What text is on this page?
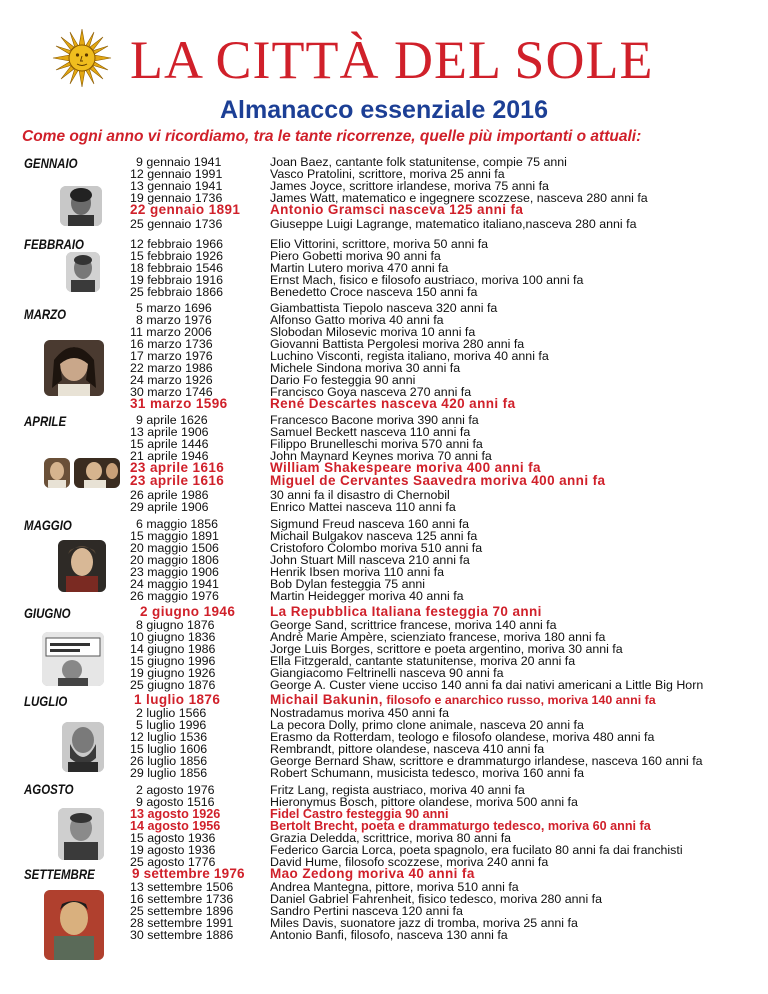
LA CITTÀ DEL SOLE
Almanacco essenziale 2016
Come ogni anno vi ricordiamo, tra le tante ricorrenze, quelle più importanti o attuali:
GENNAIO
FEBBRAIO
MARZO
APRILE
MAGGIO
GIUGNO
LUGLIO
AGOSTO
SETTEMBRE
9 gennaio 1941	Joan Baez, cantante folk statunitense, compie 75 anni
12 gennaio 1991	Vasco Pratolini, scrittore, moriva 25 anni fa
13 gennaio 1941	James Joyce, scrittore irlandese, moriva 75 anni fa
19 gennaio 1736	James Watt, matematico e ingegnere scozzese, nasceva 280 anni fa
22 gennaio 1891 Antonio Gramsci nasceva 125 anni fa
25 gennaio 1736	Giuseppe Luigi Lagrange, matematico italiano,nasceva 280 anni fa
12 febbraio 1966	Elio Vittorini, scrittore, moriva 50 anni fa
15 febbraio 1926	Piero Gobetti moriva 90 anni fa
18 febbraio 1546	Martin Lutero moriva 470 anni fa
19 febbraio 1916	Ernst Mach, fisico e filosofo austriaco, moriva 100 anni fa
25 febbraio 1866	Benedetto Croce nasceva 150 anni fa
5 marzo 1696	Giambattista Tiepolo nasceva 320 anni fa
8 marzo 1976	Alfonso Gatto moriva 40 anni fa
11 marzo 2006	Slobodan Milosevic moriva 10 anni fa
16 marzo 1736	Giovanni Battista Pergolesi moriva 280 anni fa
17 marzo 1976	Luchino Visconti, regista italiano, moriva 40 anni fa
22 marzo 1986	Michele Sindona moriva 30 anni fa
24 marzo 1926	Dario Fo festeggia 90 anni
30 marzo 1746	Francisco Goya nasceva 270 anni fa
31 marzo 1596	René Descartes nasceva 420 anni fa
9 aprile 1626	Francesco Bacone moriva 390 anni fa
13 aprile 1906	Samuel Beckett nasceva 110 anni fa
15 aprile 1446	Filippo Brunelleschi moriva 570 anni fa
21 aprile 1946	John Maynard Keynes moriva 70 anni fa
23 aprile 1616	William Shakespeare moriva 400 anni fa
23 aprile 1616	Miguel de Cervantes Saavedra moriva 400 anni fa
26 aprile 1986	30 anni fa il disastro di Chernobil
29 aprile 1906	Enrico Mattei nasceva 110 anni fa
6 maggio 1856	Sigmund Freud nasceva 160 anni fa
15 maggio 1891	Michail Bulgakov nasceva 125 anni fa
20 maggio 1506	Cristoforo Colombo moriva 510 anni fa
20 maggio 1806	John Stuart Mill nasceva 210 anni fa
23 maggio 1906	Henrik Ibsen moriva 110 anni fa
24 maggio 1941	Bob Dylan festeggia 75 anni
26 maggio 1976	Martin Heidegger moriva 40 anni fa
2 giugno 1946	La Repubblica Italiana festeggia 70 anni
8 giugno 1876	George Sand, scrittrice francese, moriva 140 anni fa
10 giugno 1836	Andrè Marie Ampère, scienziato francese, moriva 180 anni fa
14 giugno 1986	Jorge Luis Borges, scrittore e poeta argentino, moriva 30 anni fa
15 giugno 1996	Ella Fitzgerald, cantante statunitense, moriva 20 anni fa
19 giugno 1926	Giangiacomo Feltrinelli nasceva 90 anni fa
25 giugno 1876	George A. Custer viene ucciso 140 anni fa dai nativi americani a Little Big Horn
1 luglio 1876	Michail Bakunin, filosofo e anarchico russo, moriva 140 anni fa
2 luglio 1566	Nostradamus moriva 450 anni fa
5 luglio 1996	La pecora Dolly, primo clone animale, nasceva 20 anni fa
12 luglio 1536	Erasmo da Rotterdam, teologo e filosofo olandese, moriva 480 anni fa
15 luglio 1606	Rembrandt, pittore olandese, nasceva 410 anni fa
26 luglio 1856	George Bernard Shaw, scrittore e drammaturgo irlandese, nasceva 160 anni fa
29 luglio 1856	Robert Schumann, musicista tedesco, moriva 160 anni fa
2 agosto 1976	Fritz Lang, regista austriaco, moriva 40 anni fa
9 agosto 1516	Hieronymus Bosch, pittore olandese, moriva 500 anni fa
13 agosto 1926	Fidel Castro festeggia 90 anni
14 agosto 1956	Bertolt Brecht, poeta e drammaturgo tedesco, moriva 60 anni fa
15 agosto 1936	Grazia Deledda, scrittrice, moriva 80 anni fa
19 agosto 1936	Federico Garcia Lorca, poeta spagnolo, era fucilato 80 anni fa dai franchisti
25 agosto 1776	David Hume, filosofo scozzese, moriva 240 anni fa
9 settembre 1976 Mao Zedong moriva 40 anni fa
13 settembre 1506	Andrea Mantegna, pittore, moriva 510 anni fa
16 settembre 1736	Daniel Gabriel Fahrenheit, fisico tedesco, moriva 280 anni fa
25 settembre 1896	Sandro Pertini nasceva 120 anni fa
28 settembre 1991	Miles Davis, suonatore jazz di tromba, moriva 25 anni fa
30 settembre 1886	Antonio Banfi, filosofo, nasceva 130 anni fa
